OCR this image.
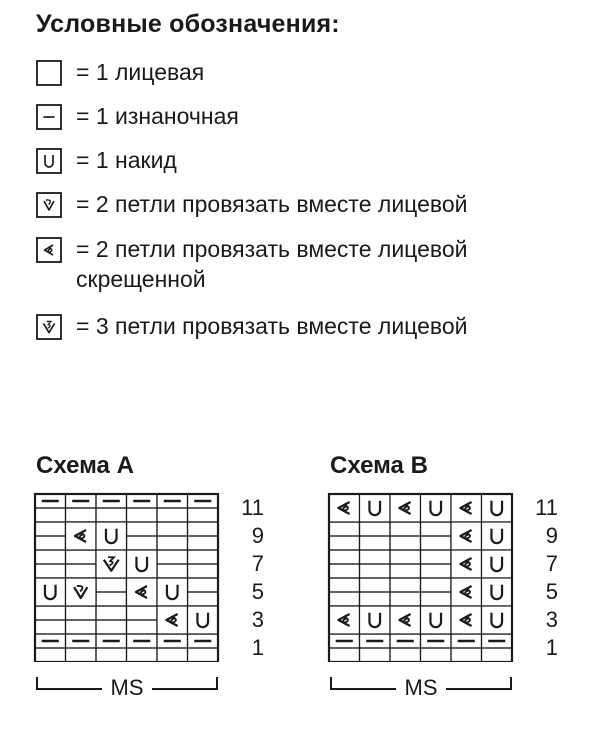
Условные обозначения:
= 1 лицевая
= 1 изнаночная
= 1 накид
= 2 петли провязать вместе лицевой
= 2 петли провязать вместе лицевой
скрещенной
= 3 петли провязать вместе лицевой
Схема А	Схема В
11
9
7
5
3
1
11
9
7
5
3
1
MS	MS
